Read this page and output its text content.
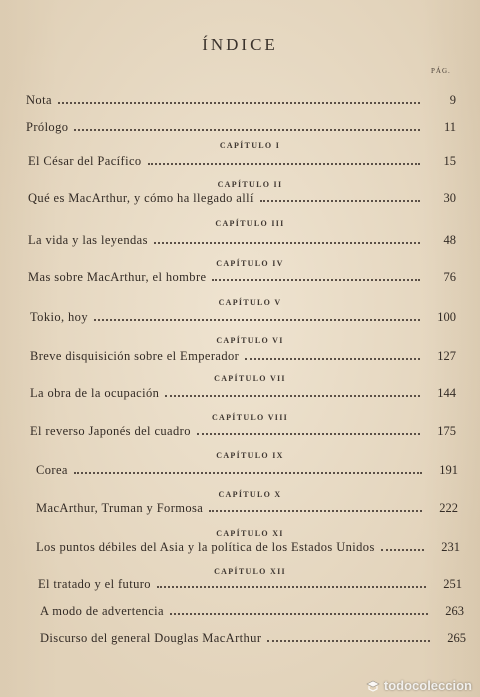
ÍNDICE
PÁG.
Nota	9
Prólogo	11
CAPÍTULO I
El César del Pacífico	15
CAPÍTULO II
Qué es MacArthur, y cómo ha llegado allí	30
CAPÍTULO III
La vida y las leyendas	48
CAPÍTULO IV
Mas sobre MacArthur, el hombre	76
CAPÍTULO V
Tokio, hoy	100
CAPÍTULO VI
Breve disquisición sobre el Emperador	127
CAPÍTULO VII
La obra de la ocupación	144
CAPÍTULO VIII
El reverso Japonés del cuadro	175
CAPÍTULO IX
Corea	191
CAPÍTULO X
MacArthur, Truman y Formosa	222
CAPÍTULO XI
Los puntos débiles del Asia y la política de los Estados Unidos	231
CAPÍTULO XII
El tratado y el futuro	251
A modo de advertencia	263
Discurso del general Douglas MacArthur	265
todocoleccion
